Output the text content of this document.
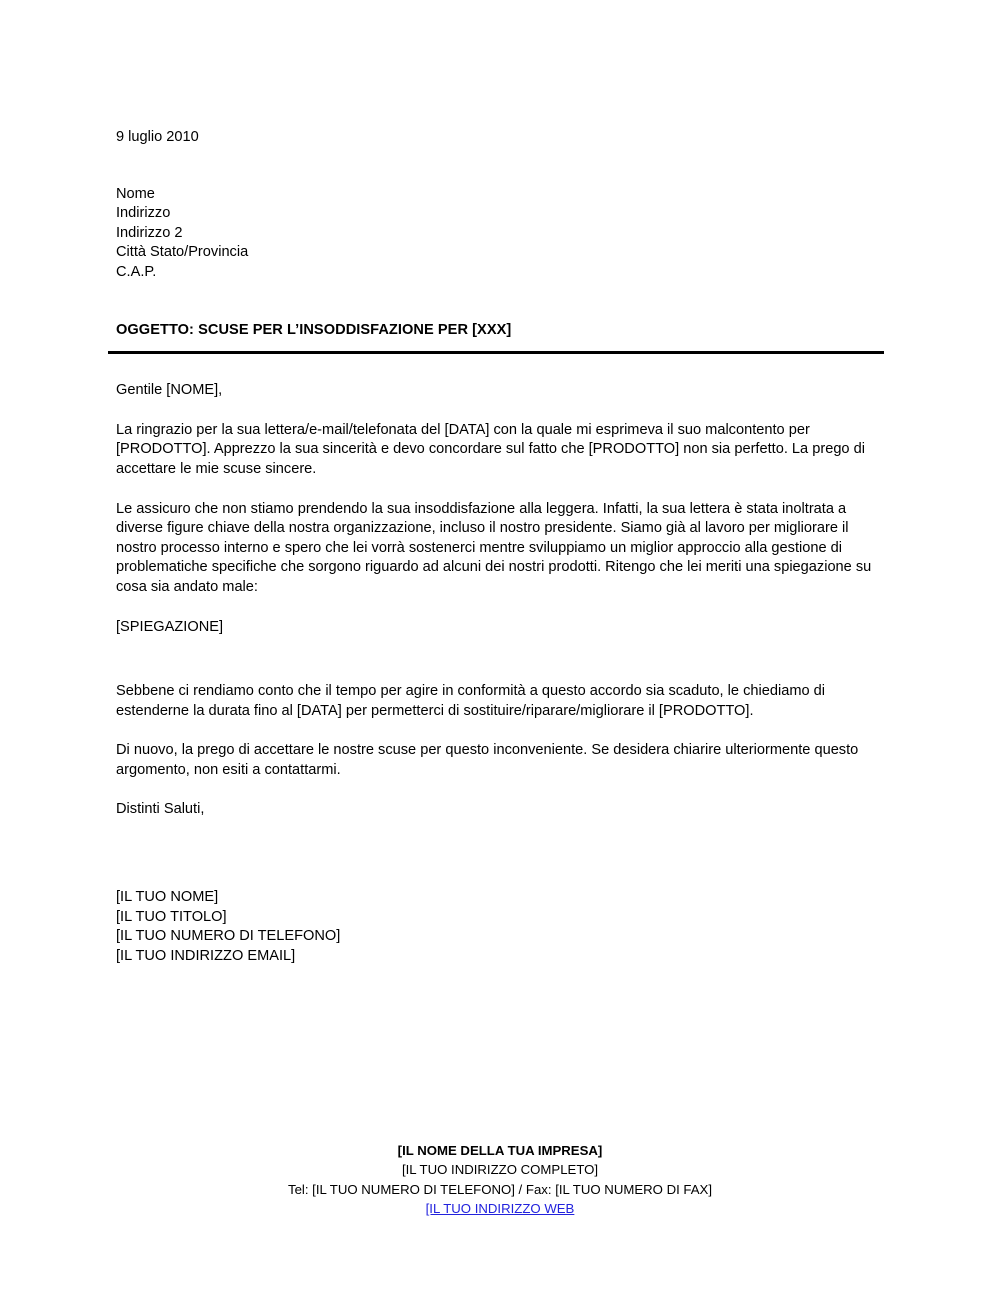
9 luglio 2010
Nome
Indirizzo
Indirizzo 2
Città Stato/Provincia
C.A.P.
OGGETTO: SCUSE PER L’INSODDISFAZIONE PER [XXX]

Gentile [NOME],

La ringrazio per la sua lettera/e-mail/telefonata del [DATA] con la quale mi esprimeva il suo malcontento per [PRODOTTO]. Apprezzo la sua sincerità e devo concordare sul fatto che [PRODOTTO] non sia perfetto. La prego di accettare le mie scuse sincere.

Le assicuro che non stiamo prendendo la sua insoddisfazione alla leggera. Infatti, la sua lettera è stata inoltrata a diverse figure chiave della nostra organizzazione, incluso il nostro presidente. Siamo già al lavoro per migliorare il nostro processo interno e spero che lei vorrà sostenerci mentre sviluppiamo un miglior approccio alla gestione di problematiche specifiche che sorgono riguardo ad alcuni dei nostri prodotti. Ritengo che lei meriti una spiegazione su cosa sia andato male:

[SPIEGAZIONE]

Sebbene ci rendiamo conto che il tempo per agire in conformità a questo accordo sia scaduto, le chiediamo di estenderne la durata fino al [DATA] per permetterci di sostituire/riparare/migliorare il [PRODOTTO].

Di nuovo, la prego di accettare le nostre scuse per questo inconveniente. Se desidera chiarire ulteriormente questo argomento, non esiti a contattarmi.

Distinti Saluti,

[IL TUO NOME]
[IL TUO TITOLO]
[IL TUO NUMERO DI TELEFONO]
[IL TUO INDIRIZZO EMAIL]
[IL NOME DELLA TUA IMPRESA]
[IL TUO INDIRIZZO COMPLETO]
Tel: [IL TUO NUMERO DI TELEFONO] / Fax: [IL TUO NUMERO DI FAX]
[IL TUO INDIRIZZO WEB
